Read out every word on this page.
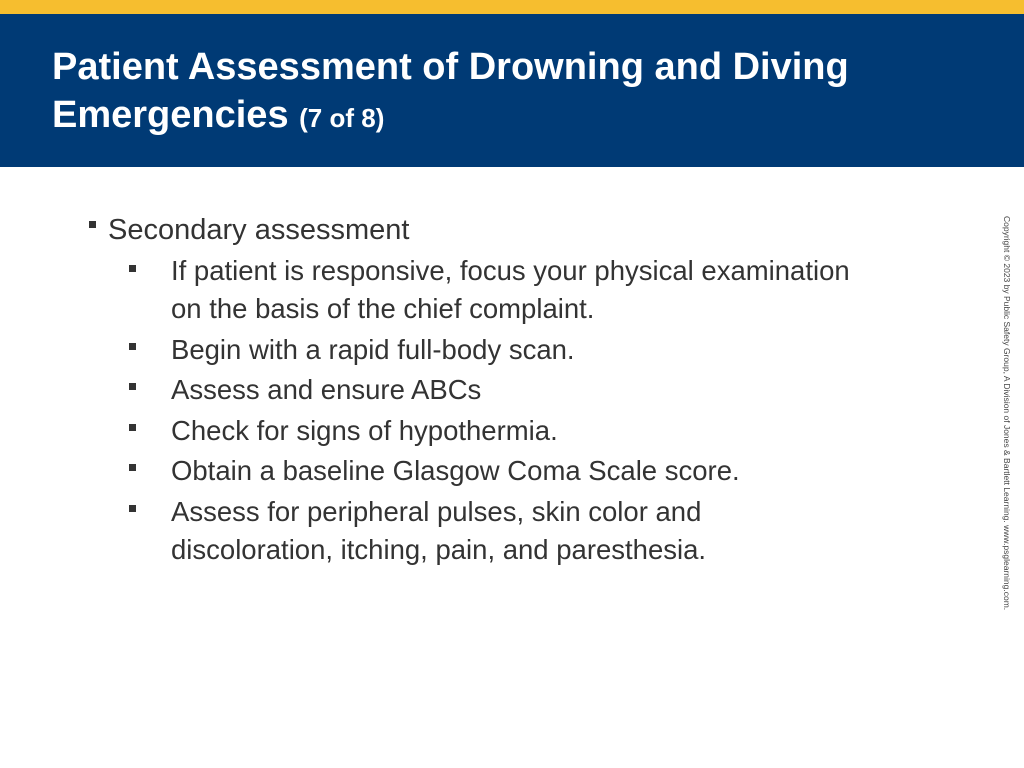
Patient Assessment of Drowning and Diving Emergencies (7 of 8)
Secondary assessment
If patient is responsive, focus your physical examination on the basis of the chief complaint.
Begin with a rapid full-body scan.
Assess and ensure ABCs
Check for signs of hypothermia.
Obtain a baseline Glasgow Coma Scale score.
Assess for peripheral pulses, skin color and discoloration, itching, pain, and paresthesia.	Copyright © 2023 by Public Safety Group, A Division of Jones & Bartlett Learning. www.psglearning.com.
